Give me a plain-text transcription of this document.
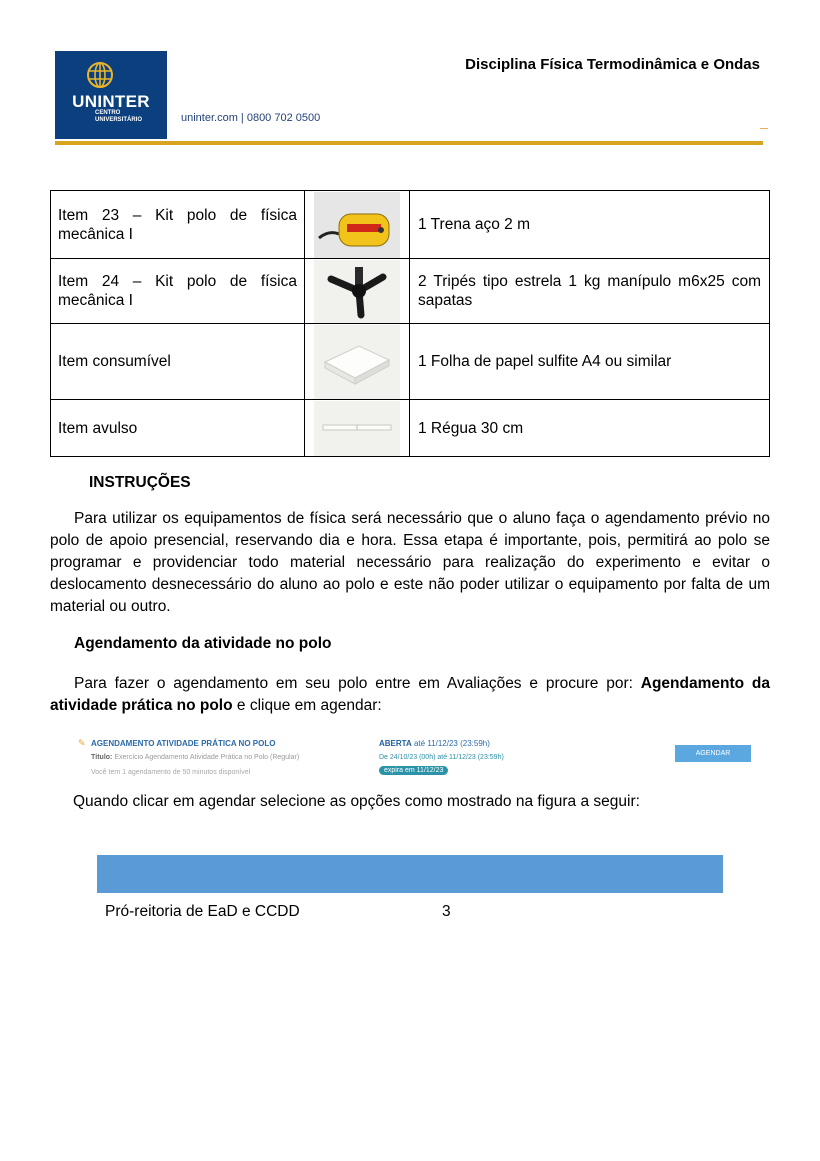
UNINTER
CENTRO
UNIVERSITÁRIO	uninter.com | 0800 702 0500
Disciplina Física Termodinâmica e Ondas
Item 23 – Kit polo de física mecânica I		1 Trena aço 2 m
Item 24 – Kit polo de física mecânica I		2 Tripés tipo estrela 1 kg manípulo m6x25 com sapatas
Item consumível		1 Folha de papel sulfite A4 ou similar
Item avulso		1 Régua 30 cm
INSTRUÇÕES
Para utilizar os equipamentos de física será necessário que o aluno faça o agendamento prévio no polo de apoio presencial, reservando dia e hora. Essa etapa é importante, pois, permitirá ao polo se programar e providenciar todo material necessário para realização do experimento e evitar o deslocamento desnecessário do aluno ao polo e este não poder utilizar o equipamento por falta de um material ou outro.
Agendamento da atividade no polo
Para fazer o agendamento em seu polo entre em Avaliações e procure por: Agendamento da atividade prática no polo e clique em agendar:
✎ AGENDAMENTO ATIVIDADE PRÁTICA NO POLO
Título: Exercício Agendamento Atividade Prática no Polo (Regular)
Você tem 1 agendamento de 50 minutos disponível
ABERTA até 11/12/23 (23:59h)
De 24/10/23 (00h) até 11/12/23 (23:59h)
expira em 11/12/23
AGENDAR
Quando clicar em agendar selecione as opções como mostrado na figura a seguir:
Pró-reitoria de EaD e CCDD	3
